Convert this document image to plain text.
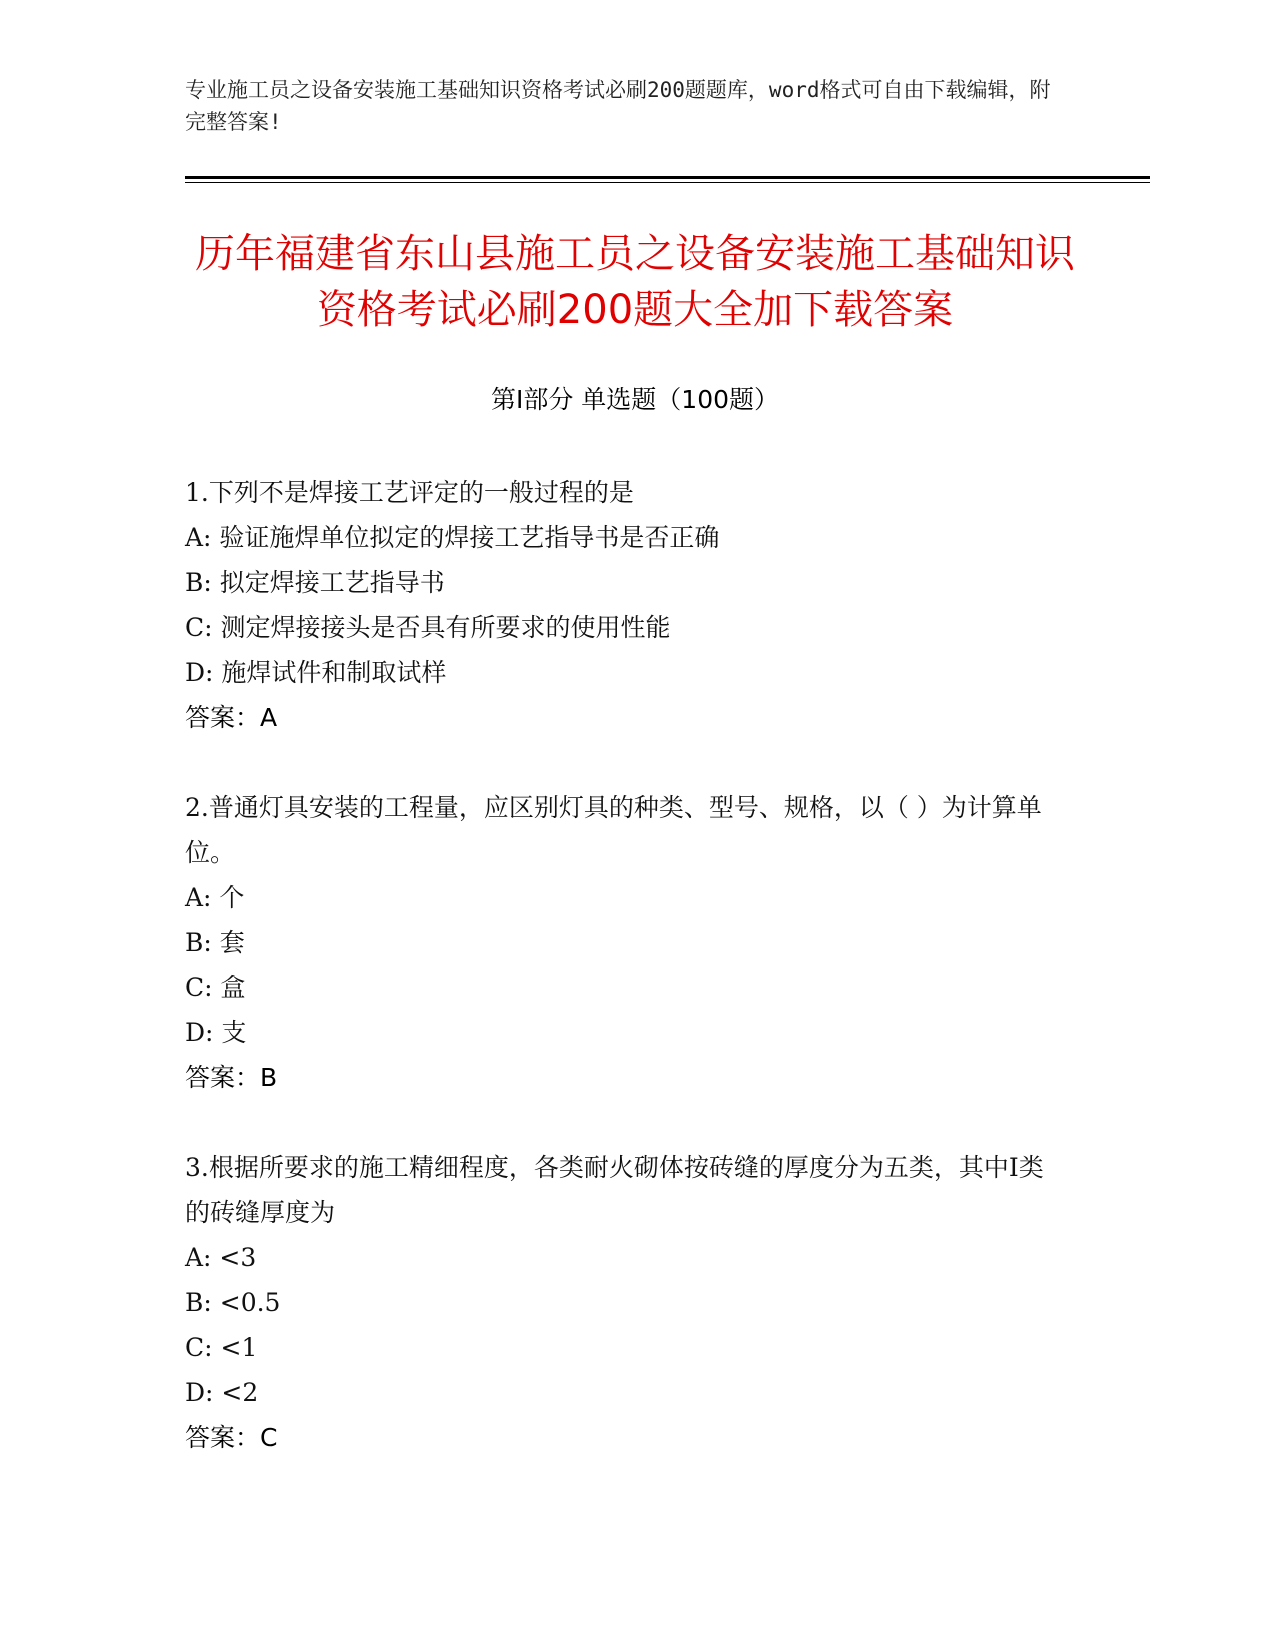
专业施工员之设备安装施工基础知识资格考试必刷200题题库，word格式可自由下载编辑，附完整答案!
历年福建省东山县施工员之设备安装施工基础知识资格考试必刷200题大全加下载答案
第I部分 单选题（100题）
1.下列不是焊接工艺评定的一般过程的是
A: 验证施焊单位拟定的焊接工艺指导书是否正确
B: 拟定焊接工艺指导书
C: 测定焊接接头是否具有所要求的使用性能
D: 施焊试件和制取试样
答案：A
2.普通灯具安装的工程量，应区别灯具的种类、型号、规格，以（ ）为计算单位。
A: 个
B: 套
C: 盒
D: 支
答案：B
3.根据所要求的施工精细程度，各类耐火砌体按砖缝的厚度分为五类，其中I类的砖缝厚度为
A: <3
B: <0.5
C: <1
D: <2
答案：C
